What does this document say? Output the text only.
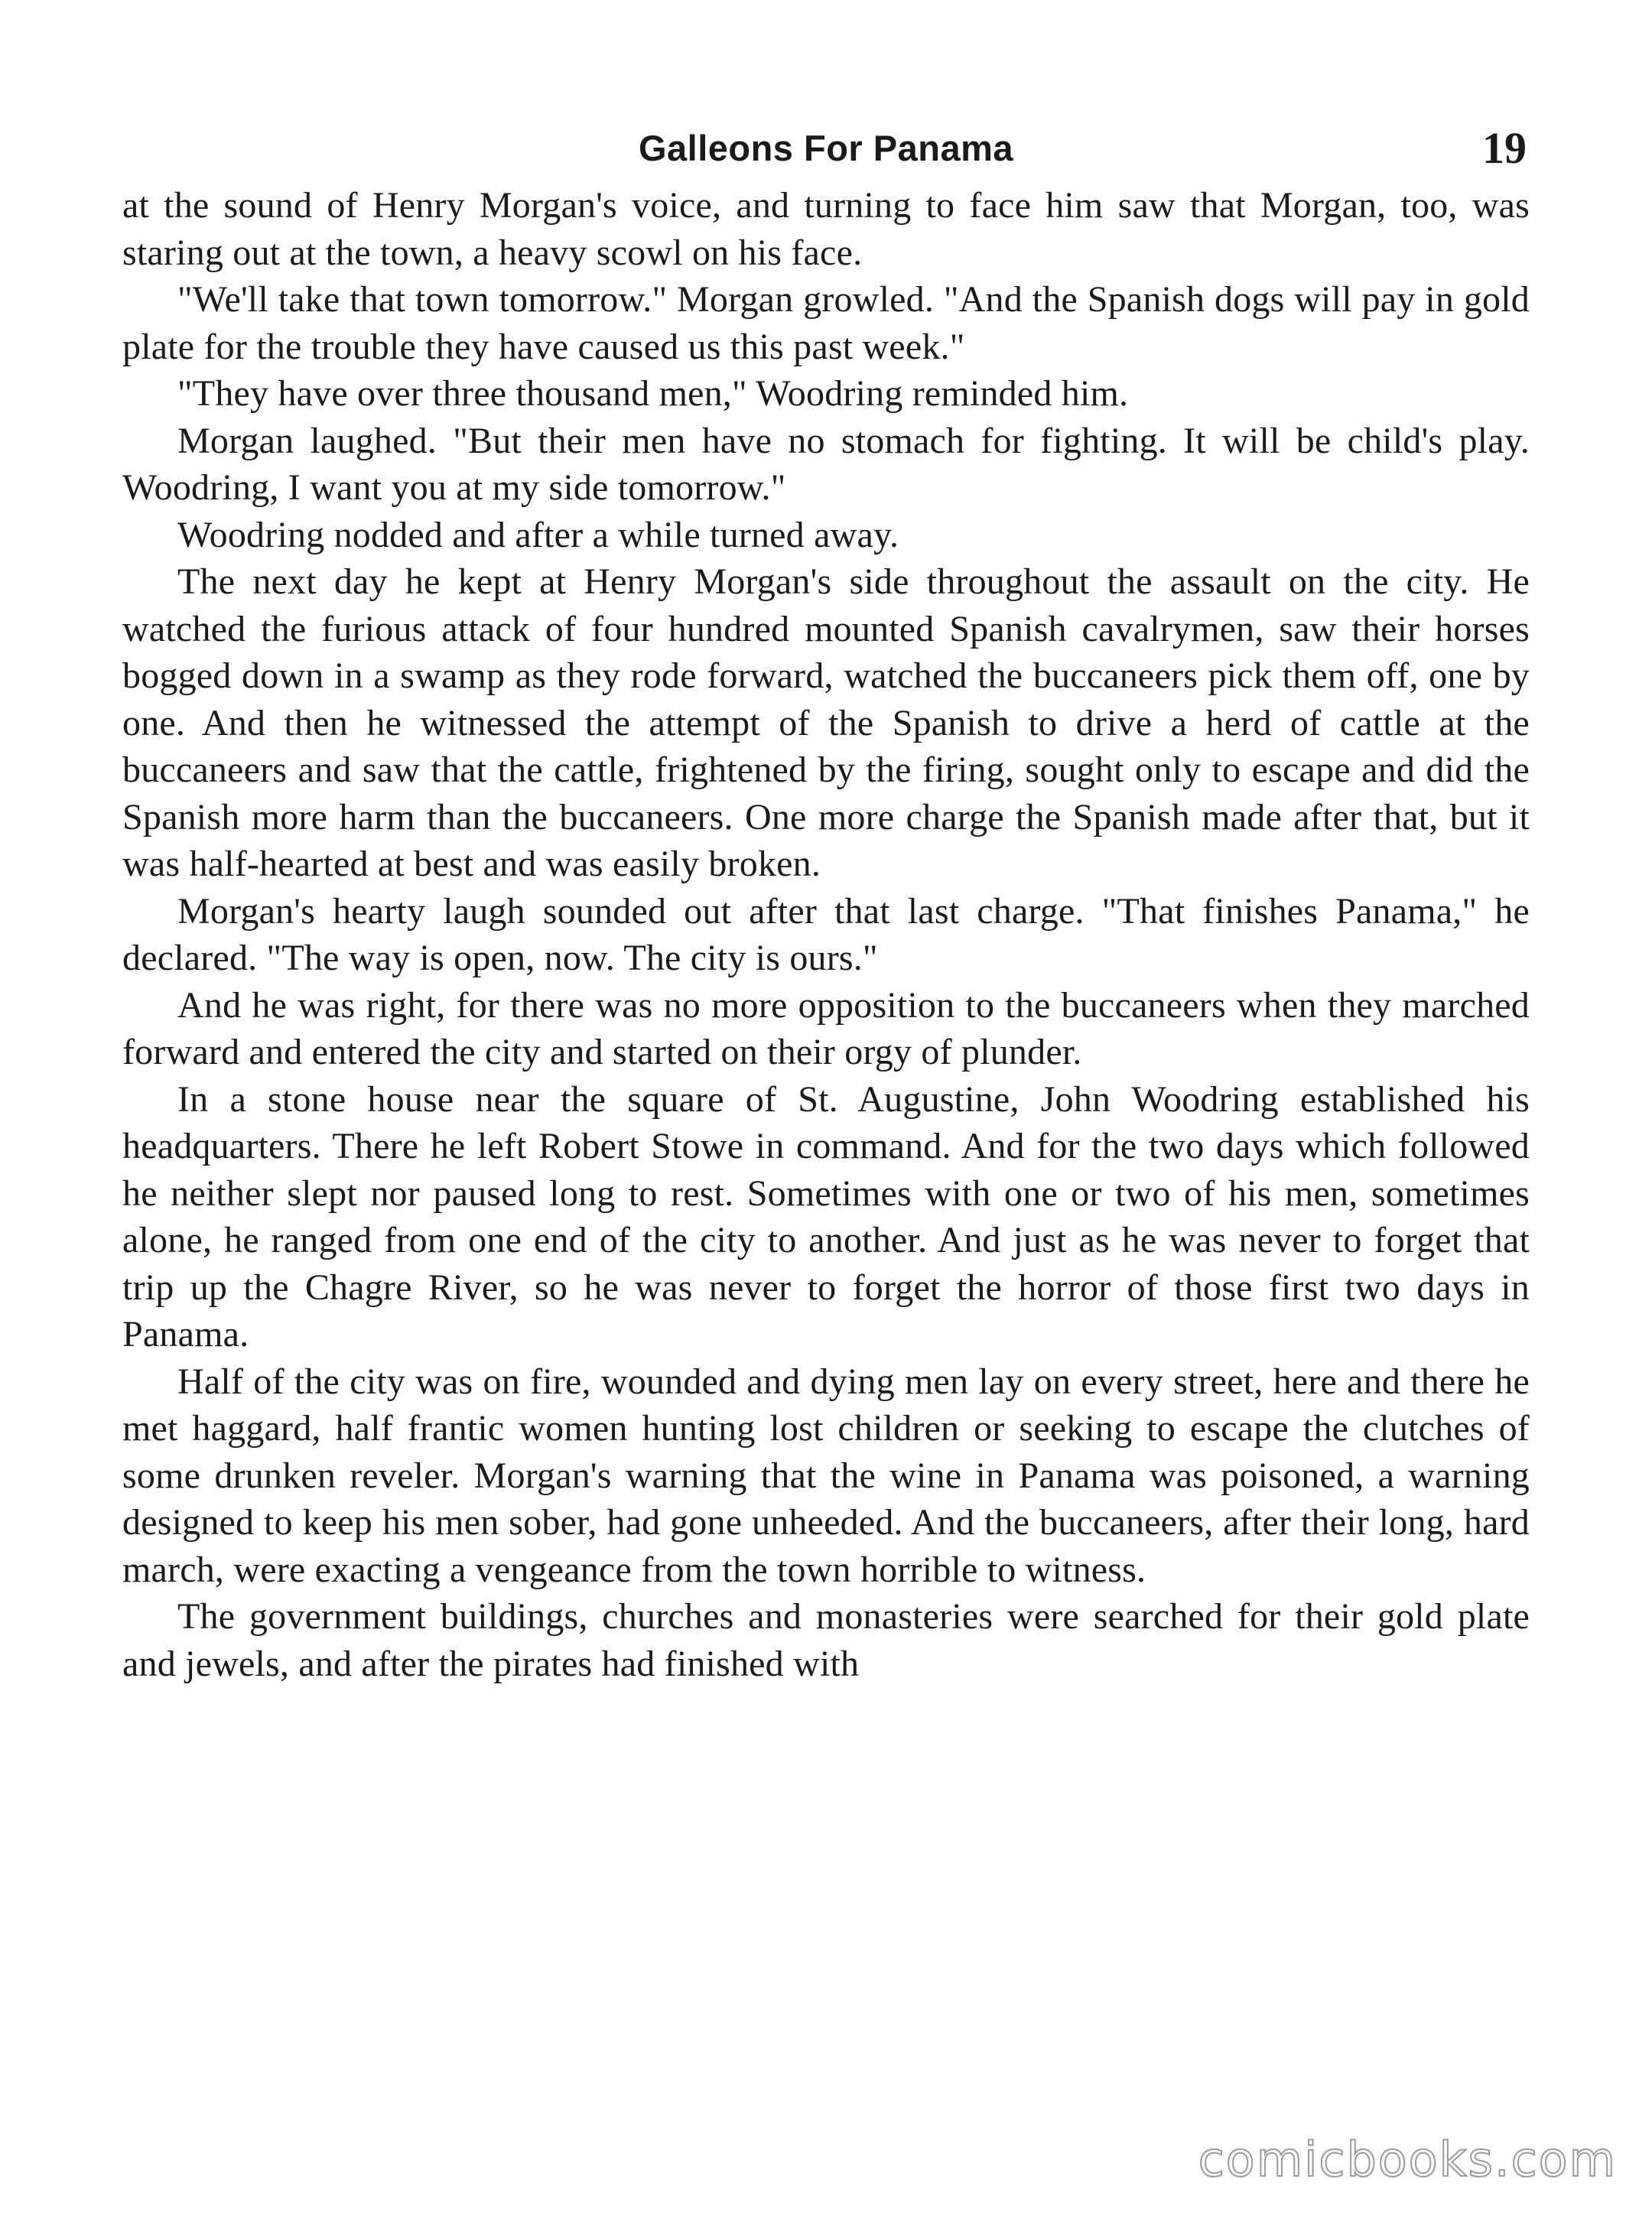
Galleons For Panama	19

at the sound of Henry Morgan's voice, and turning to face him saw that Morgan, too, was staring out at the town, a heavy scowl on his face.

"We'll take that town tomorrow." Morgan growled. "And the Spanish dogs will pay in gold plate for the trouble they have caused us this past week."

"They have over three thousand men," Woodring reminded him.

Morgan laughed. "But their men have no stomach for fighting. It will be child's play. Woodring, I want you at my side tomorrow."

Woodring nodded and after a while turned away.

The next day he kept at Henry Morgan's side throughout the assault on the city. He watched the furious attack of four hundred mounted Spanish cavalrymen, saw their horses bogged down in a swamp as they rode forward, watched the buccaneers pick them off, one by one. And then he witnessed the attempt of the Spanish to drive a herd of cattle at the buccaneers and saw that the cattle, frightened by the firing, sought only to escape and did the Spanish more harm than the buccaneers. One more charge the Spanish made after that, but it was half-hearted at best and was easily broken.

Morgan's hearty laugh sounded out after that last charge. "That finishes Panama," he declared. "The way is open, now. The city is ours."

And he was right, for there was no more opposition to the buccaneers when they marched forward and entered the city and started on their orgy of plunder.

In a stone house near the square of St. Augustine, John Woodring established his headquarters. There he left Robert Stowe in command. And for the two days which followed he neither slept nor paused long to rest. Sometimes with one or two of his men, sometimes alone, he ranged from one end of the city to another. And just as he was never to forget that trip up the Chagre River, so he was never to forget the horror of those first two days in Panama.

Half of the city was on fire, wounded and dying men lay on every street, here and there he met haggard, half frantic women hunting lost children or seeking to escape the clutches of some drunken reveler. Morgan's warning that the wine in Panama was poisoned, a warning designed to keep his men sober, had gone unheeded. And the buccaneers, after their long, hard march, were exacting a vengeance from the town horrible to witness.

The government buildings, churches and monasteries were searched for their gold plate and jewels, and after the pirates had finished with

comicbooks.com
